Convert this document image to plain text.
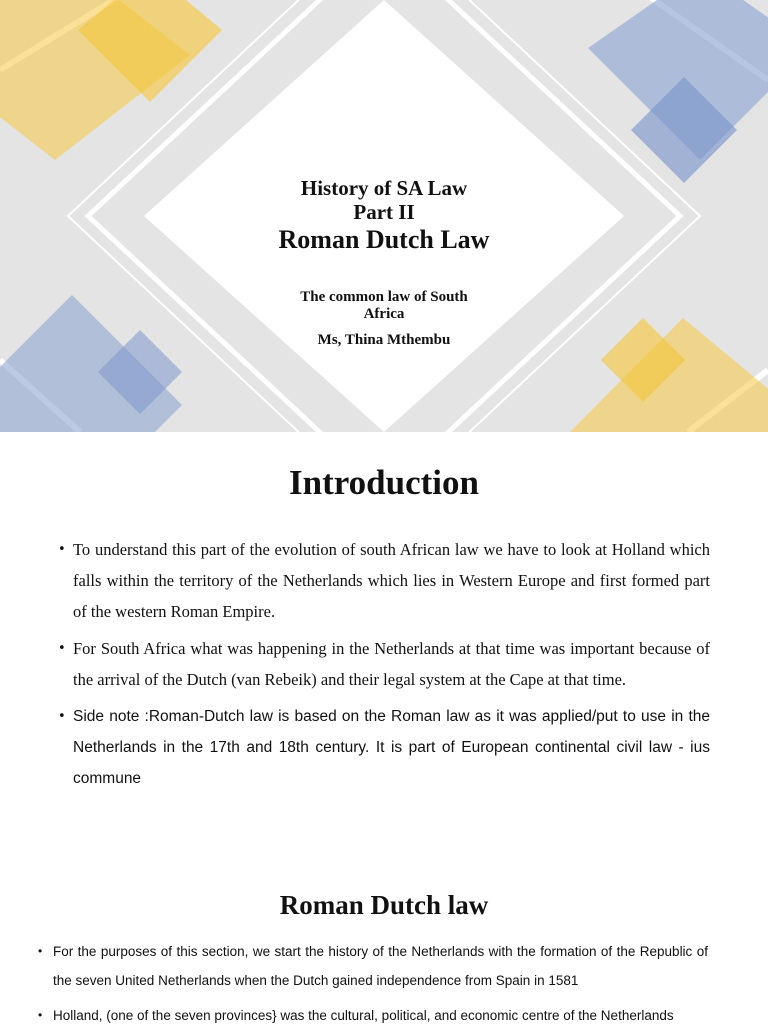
History of SA Law
Part II
Roman Dutch Law
The common law of South Africa
Ms, Thina Mthembu
Introduction
• To understand this part of the evolution of south African law we have to look at Holland which falls within the territory of the Netherlands which lies in Western Europe and first formed part of the western Roman Empire.
• For South Africa what was happening in the Netherlands at that time was important because of the arrival of the Dutch (van Rebeik) and their legal system at the Cape at that time.
• Side note :Roman-Dutch law is based on the Roman law as it was applied/put to use in the Netherlands in the 17th and 18th century. It is part of European continental civil law - ius commune
Roman Dutch law
• For the purposes of this section, we start the history of the Netherlands with the formation of the Republic of the seven United Netherlands when the Dutch gained independence from Spain in 1581
• Holland, (one of the seven provinces} was the cultural, political, and economic centre of the Netherlands
